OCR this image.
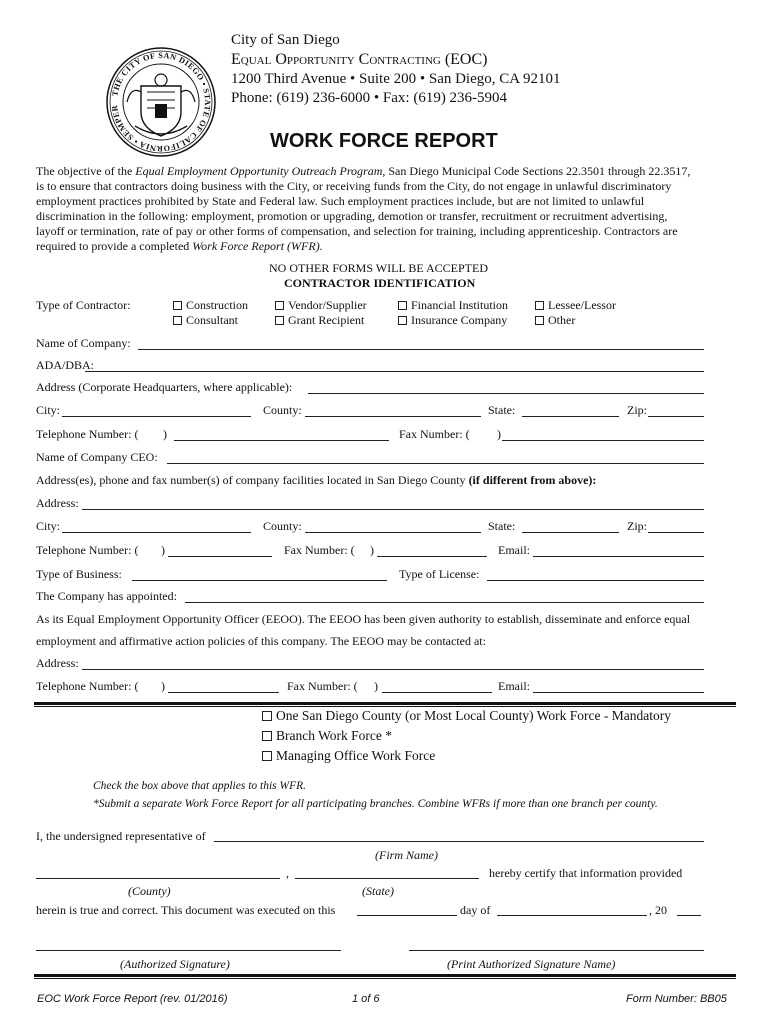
THE CITY OF SAN DIEGO • STATE OF CALIFORNIA • SEMPER
City of San Diego
Equal Opportunity Contracting (EOC)
1200 Third Avenue • Suite 200 • San Diego, CA 92101
Phone: (619) 236-6000 • Fax: (619) 236-5904
WORK FORCE REPORT
The objective of the Equal Employment Opportunity Outreach Program, San Diego Municipal Code Sections 22.3501 through 22.3517,
is to ensure that contractors doing business with the City, or receiving funds from the City, do not engage in unlawful discriminatory
employment practices prohibited by State and Federal law. Such employment practices include, but are not limited to unlawful
discrimination in the following: employment, promotion or upgrading, demotion or transfer, recruitment or recruitment advertising,
layoff or termination, rate of pay or other forms of compensation, and selection for training, including apprenticeship. Contractors are
required to provide a completed Work Force Report (WFR).
NO OTHER FORMS WILL BE ACCEPTED
CONTRACTOR IDENTIFICATION
Type of Contractor:	Construction	Vendor/Supplier	Financial Institution	Lessee/Lessor
Consultant	Grant Recipient	Insurance Company	Other
Name of Company:
ADA/DBA:
Address (Corporate Headquarters, where applicable):
City:	County:	State:	Zip:
Telephone Number: ( )	Fax Number: ( )
Name of Company CEO:
Address(es), phone and fax number(s) of company facilities located in San Diego County (if different from above):
Address:
City:	County:	State:	Zip:
Telephone Number: ( )	Fax Number: ( )	Email:
Type of Business:	Type of License:
The Company has appointed:
As its Equal Employment Opportunity Officer (EEOO). The EEOO has been given authority to establish, disseminate and enforce equal
employment and affirmative action policies of this company. The EEOO may be contacted at:
Address:
Telephone Number: ( )	Fax Number: ( )	Email:
One San Diego County (or Most Local County) Work Force - Mandatory
Branch Work Force *
Managing Office Work Force
Check the box above that applies to this WFR.
*Submit a separate Work Force Report for all participating branches. Combine WFRs if more than one branch per county.
I, the undersigned representative of
(Firm Name)
,	hereby certify that information provided
(County)	(State)
herein is true and correct. This document was executed on this	day of	, 20
(Authorized Signature)	(Print Authorized Signature Name)
EOC Work Force Report (rev. 01/2016)	1 of 6	Form Number: BB05
